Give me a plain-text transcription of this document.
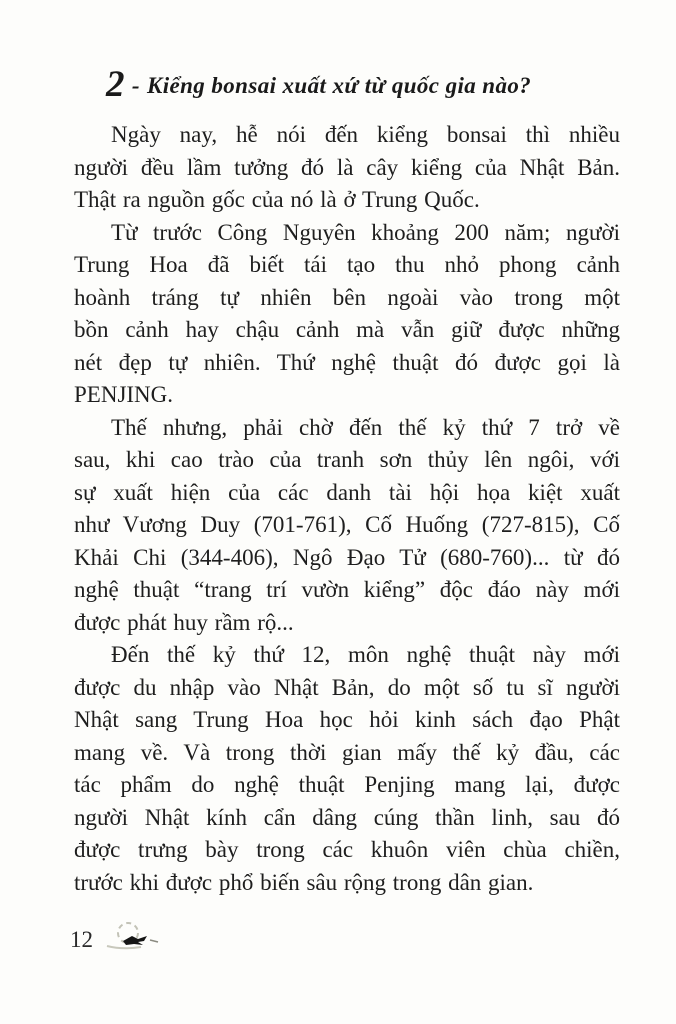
2 - Kiểng bonsai xuất xứ từ quốc gia nào?
Ngày nay, hễ nói đến kiểng bonsai thì nhiều
người đều lầm tưởng đó là cây kiểng của Nhật Bản.
Thật ra nguồn gốc của nó là ở Trung Quốc.
Từ trước Công Nguyên khoảng 200 năm; người
Trung Hoa đã biết tái tạo thu nhỏ phong cảnh
hoành tráng tự nhiên bên ngoài vào trong một
bồn cảnh hay chậu cảnh mà vẫn giữ được những
nét đẹp tự nhiên. Thứ nghệ thuật đó được gọi là
PENJING.
Thế nhưng, phải chờ đến thế kỷ thứ 7 trở về
sau, khi cao trào của tranh sơn thủy lên ngôi, với
sự xuất hiện của các danh tài hội họa kiệt xuất
như Vương Duy (701-761), Cố Huống (727-815), Cố
Khải Chi (344-406), Ngô Đạo Tử (680-760)... từ đó
nghệ thuật “trang trí vườn kiểng” độc đáo này mới
được phát huy rầm rộ...
Đến thế kỷ thứ 12, môn nghệ thuật này mới
được du nhập vào Nhật Bản, do một số tu sĩ người
Nhật sang Trung Hoa học hỏi kinh sách đạo Phật
mang về. Và trong thời gian mấy thế kỷ đầu, các
tác phẩm do nghệ thuật Penjing mang lại, được
người Nhật kính cẩn dâng cúng thần linh, sau đó
được trưng bày trong các khuôn viên chùa chiền,
trước khi được phổ biến sâu rộng trong dân gian.
12
